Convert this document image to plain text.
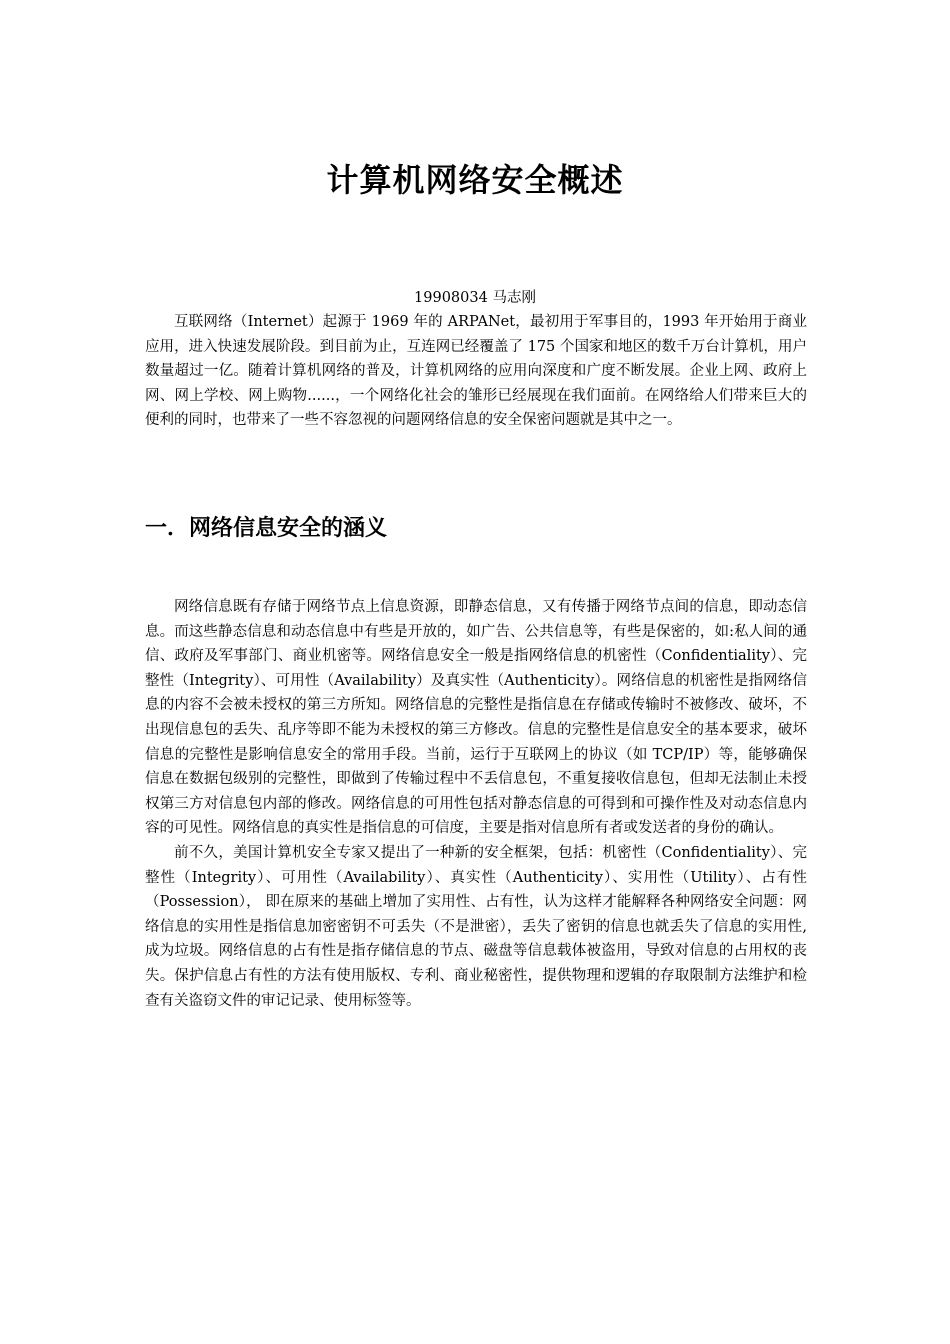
计算机网络安全概述
19908034 马志刚

互联网络（Internet）起源于 1969 年的 ARPANet，最初用于军事目的，1993 年开始用于商业应用，进入快速发展阶段。到目前为止，互连网已经覆盖了 175 个国家和地区的数千万台计算机，用户数量超过一亿。随着计算机网络的普及，计算机网络的应用向深度和广度不断发展。企业上网、政府上网、网上学校、网上购物......，一个网络化社会的雏形已经展现在我们面前。在网络给人们带来巨大的便利的同时，也带来了一些不容忽视的问题网络信息的安全保密问题就是其中之一。

一．网络信息安全的涵义

网络信息既有存储于网络节点上信息资源，即静态信息，又有传播于网络节点间的信息，即动态信息。而这些静态信息和动态信息中有些是开放的，如广告、公共信息等，有些是保密的，如:私人间的通信、政府及军事部门、商业机密等。网络信息安全一般是指网络信息的机密性（Confidentiality）、完整性（Integrity）、可用性（Availability）及真实性（Authenticity）。网络信息的机密性是指网络信息的内容不会被未授权的第三方所知。网络信息的完整性是指信息在存储或传输时不被修改、破坏，不出现信息包的丢失、乱序等即不能为未授权的第三方修改。信息的完整性是信息安全的基本要求，破坏信息的完整性是影响信息安全的常用手段。当前，运行于互联网上的协议（如 TCP/IP）等，能够确保信息在数据包级别的完整性，即做到了传输过程中不丢信息包，不重复接收信息包，但却无法制止未授权第三方对信息包内部的修改。网络信息的可用性包括对静态信息的可得到和可操作性及对动态信息内容的可见性。网络信息的真实性是指信息的可信度，主要是指对信息所有者或发送者的身份的确认。

前不久，美国计算机安全专家又提出了一种新的安全框架，包括：机密性（Confidentiality）、完整性（Integrity）、可用性（Availability）、真实性（Authenticity）、实用性（Utility）、占有性（Possession）， 即在原来的基础上增加了实用性、占有性，认为这样才能解释各种网络安全问题：网络信息的实用性是指信息加密密钥不可丢失（不是泄密），丢失了密钥的信息也就丢失了信息的实用性,成为垃圾。网络信息的占有性是指存储信息的节点、磁盘等信息载体被盗用，导致对信息的占用权的丧失。保护信息占有性的方法有使用版权、专利、商业秘密性，提供物理和逻辑的存取限制方法维护和检查有关盗窃文件的审记记录、使用标签等。
